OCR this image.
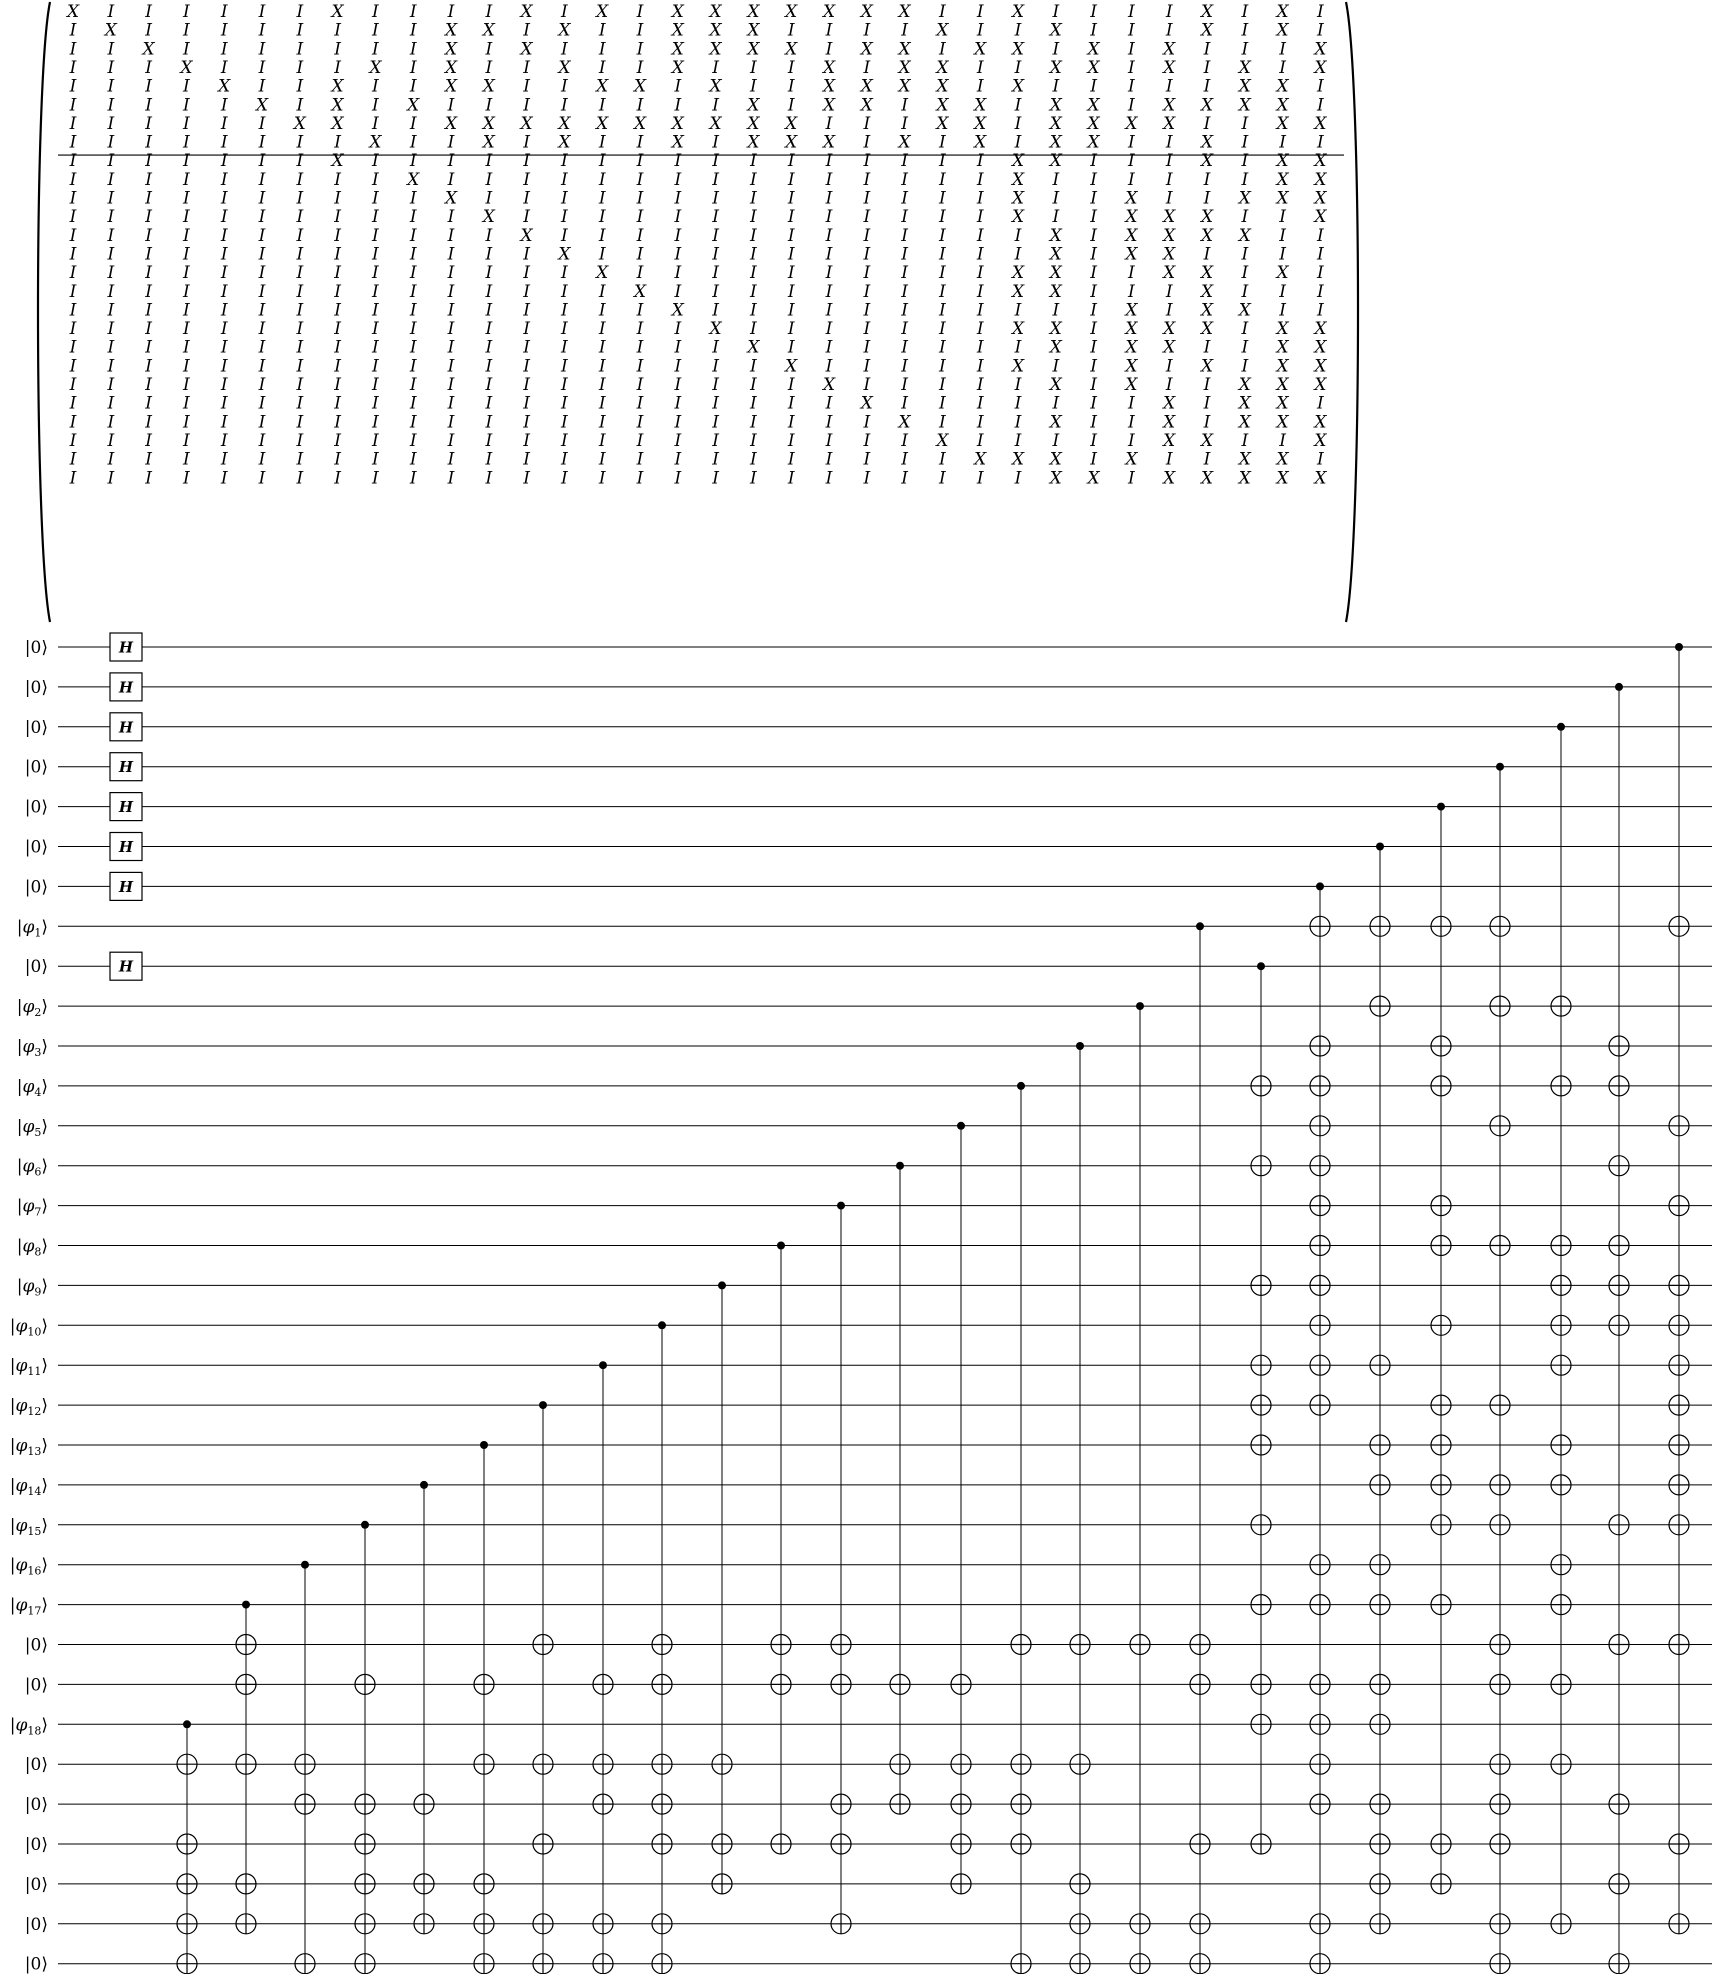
X I I I I I I X I I I I X I X I X X X X X X X I I X I I I I X I X I
I X I I I I I I I I X X I X I I X X X I I I I X I I X I I I X I X I
I I X I I I I I I I X I X I I I X X X X I X X I X X I X I X I I I X
I I I X I I I I X I X I I X I I X I I I X I X X I I X X I X I X I X
I I I I X I I X I I X X I I X X I X I I X X X X I X I I I I I X X I
I I I I I X I X I X I I I I I I I I X I X X I X X I X X I X X X X I
I I I I I I X X I I X X X X X X X X X X I I I X X I X X X X I I X X
I I I I I I I I X I I X I X I I X I X X X I X I X I X X I I X I I I
I I I I I I I X I I I I I I I I I I I I I I I I I X X I I I X I X X
I I I I I I I I I X I I I I I I I I I I I I I I I X I I I I I I X X
I I I I I I I I I I X I I I I I I I I I I I I I I X I I X I I X X X
I I I I I I I I I I I X I I I I I I I I I I I I I X I I X X X I I X
I I I I I I I I I I I I X I I I I I I I I I I I I I X I X X X X I I
I I I I I I I I I I I I I X I I I I I I I I I I I I X I X X I I I I
I I I I I I I I I I I I I I X I I I I I I I I I I X X I I X X I X I
I I I I I I I I I I I I I I I X I I I I I I I I I X X I I I X I I I
I I I I I I I I I I I I I I I I X I I I I I I I I I I I X I X X I I
I I I I I I I I I I I I I I I I I X I I I I I I I X X I X X X I X X
I I I I I I I I I I I I I I I I I I X I I I I I I I X I X X I I X X
I I I I I I I I I I I I I I I I I I I X I I I I I X I I X I X I X X
I I I I I I I I I I I I I I I I I I I I X I I I I I X I X I I X X X
I I I I I I I I I I I I I I I I I I I I I X I I I I I I I X I X X I
I I I I I I I I I I I I I I I I I I I I I I X I I I X I I X I X X X
I I I I I I I I I I I I I I I I I I I I I I I X I I I I I X X I I X
I I I I I I I I I I I I I I I I I I I I I I I I X X X I X I I X X I
I I I I I I I I I I I I I I I I I I I I I I I I I I X X I X X X X X
H
H
H
H
H
H
H
H
|0⟩
|0⟩
|0⟩
|0⟩
|0⟩
|0⟩
|0⟩
$|\varphi_1⟩$
|0⟩
$|\varphi_2⟩$
$|\varphi_3⟩$
$|\varphi_4⟩$
$|\varphi_5⟩$
$|\varphi_6⟩$
$|\varphi_7⟩$
$|\varphi_8⟩$
$|\varphi_9⟩$
$|\varphi_{10}⟩$
$|\varphi_{11}⟩$
$|\varphi_{12}⟩$
$|\varphi_{13}⟩$
$|\varphi_{14}⟩$
$|\varphi_{15}⟩$
$|\varphi_{16}⟩$
$|\varphi_{17}⟩$
|0⟩
|0⟩
$|\varphi_{18}⟩$
|0⟩
|0⟩
|0⟩
|0⟩
|0⟩
|0⟩
